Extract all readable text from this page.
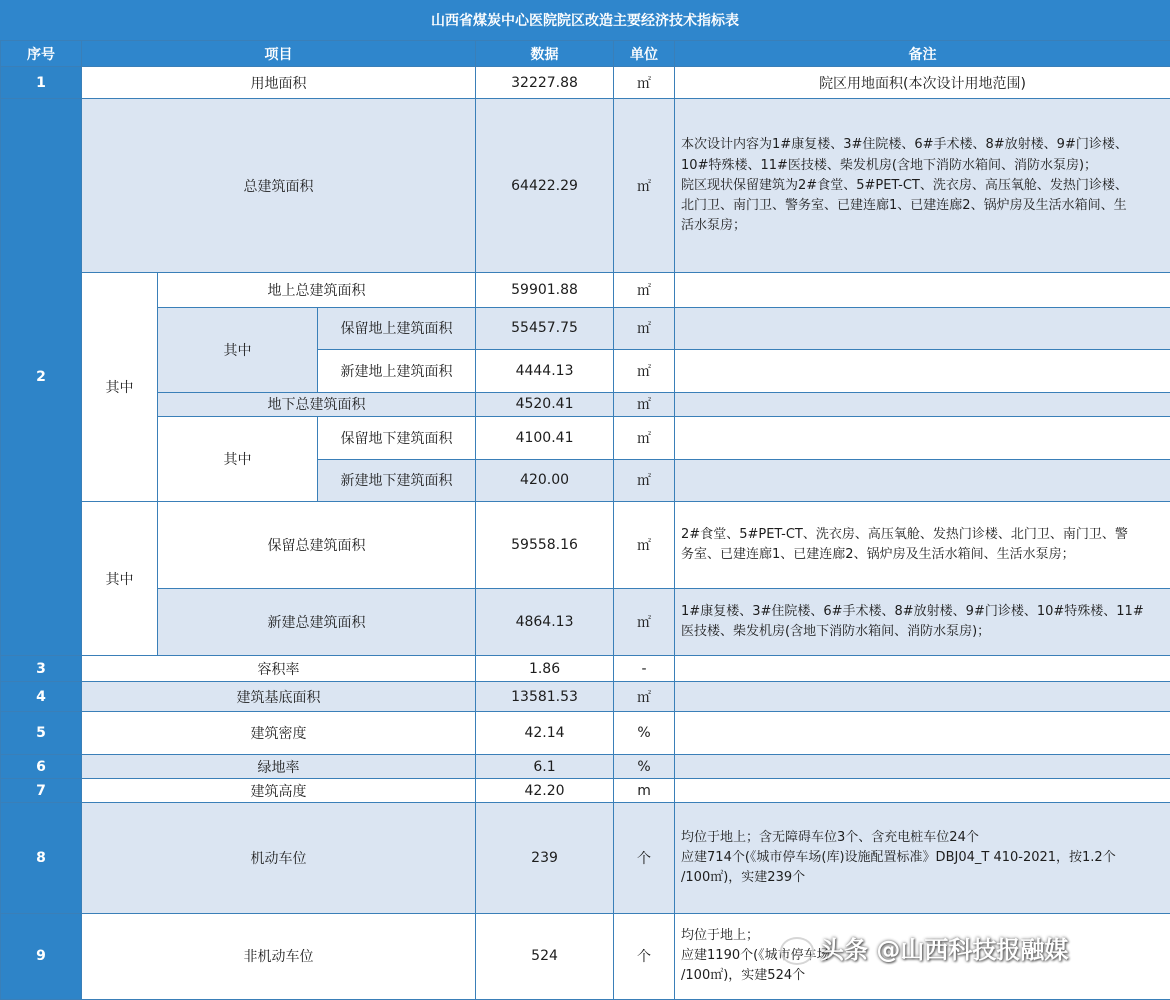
山西省煤炭中心医院院区改造主要经济技术指标表
序号	项目			数据	单位	备注
1	用地面积			32227.88	㎡	院区用地面积(本次设计用地范围)
2	总建筑面积			64422.29	㎡	本次设计内容为1#康复楼、3#住院楼、6#手术楼、8#放射楼、9#门诊楼、
10#特殊楼、11#医技楼、柴发机房(含地下消防水箱间、消防水泵房)；
院区现状保留建筑为2#食堂、5#PET-CT、洗衣房、高压氧舱、发热门诊楼、
北门卫、南门卫、警务室、已建连廊1、已建连廊2、锅炉房及生活水箱间、生
活水泵房；

	其中	地上总建筑面积		59901.88	㎡	
		其中	保留地上建筑面积	55457.75	㎡	
			新建地上建筑面积	4444.13	㎡	
		地下总建筑面积		4520.41	㎡	
		其中	保留地下建筑面积	4100.41	㎡	
			新建地下建筑面积	420.00	㎡	
	其中	保留总建筑面积		59558.16	㎡	2#食堂、5#PET-CT、洗衣房、高压氧舱、发热门诊楼、北门卫、南门卫、警
务室、已建连廊1、已建连廊2、锅炉房及生活水箱间、生活水泵房；

		新建总建筑面积		4864.13	㎡	1#康复楼、3#住院楼、6#手术楼、8#放射楼、9#门诊楼、10#特殊楼、11#
医技楼、柴发机房(含地下消防水箱间、消防水泵房)；

3	容积率			1.86	-	
4	建筑基底面积			13581.53	㎡	
5	建筑密度			42.14	%	
6	绿地率			6.1	%	
7	建筑高度			42.20	m	
8	机动车位			239	个	均位于地上；含无障碍车位3个、含充电桩车位24个
应建714个(《城市停车场(库)设施配置标准》DBJ04_T 410-2021，按1.2个
/100㎡)，实建239个

9	非机动车位			524	个	均位于地上；
应建1190个(《城市停车场
/100㎡)，实建524个
头条 @山西科技报融媒
